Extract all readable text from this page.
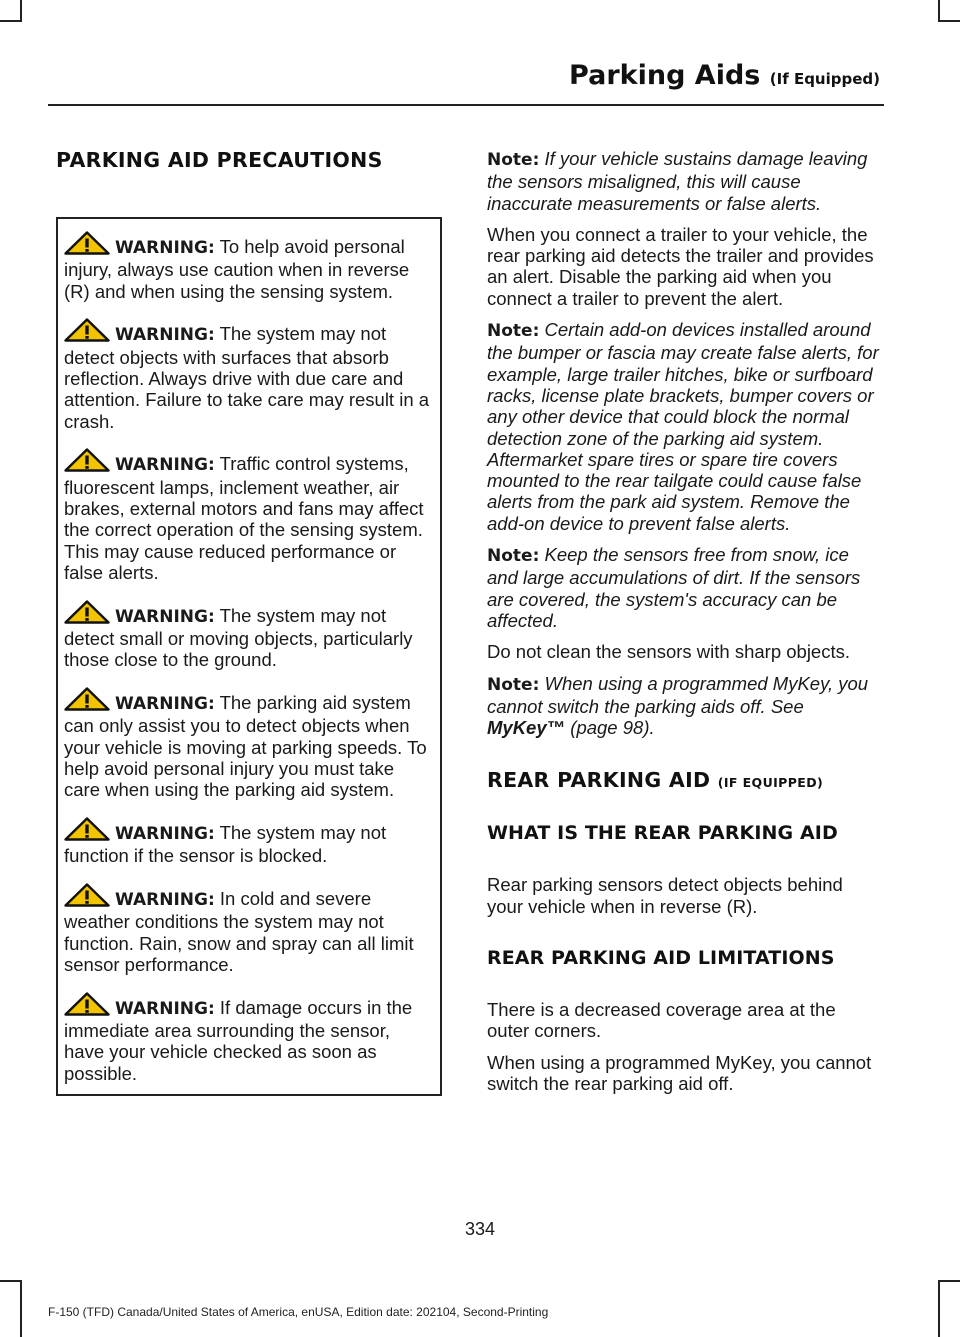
Parking Aids (If Equipped)
PARKING AID PRECAUTIONS
WARNING: To help avoid personal injury, always use caution when in reverse (R) and when using the sensing system.
WARNING: The system may not detect objects with surfaces that absorb reflection. Always drive with due care and attention. Failure to take care may result in a crash.
WARNING: Traffic control systems, fluorescent lamps, inclement weather, air brakes, external motors and fans may affect the correct operation of the sensing system. This may cause reduced performance or false alerts.
WARNING: The system may not detect small or moving objects, particularly those close to the ground.
WARNING: The parking aid system can only assist you to detect objects when your vehicle is moving at parking speeds. To help avoid personal injury you must take care when using the parking aid system.
WARNING: The system may not function if the sensor is blocked.
WARNING: In cold and severe weather conditions the system may not function. Rain, snow and spray can all limit sensor performance.
WARNING: If damage occurs in the immediate area surrounding the sensor, have your vehicle checked as soon as possible.

Note: If your vehicle sustains damage leaving the sensors misaligned, this will cause inaccurate measurements or false alerts.

When you connect a trailer to your vehicle, the rear parking aid detects the trailer and provides an alert. Disable the parking aid when you connect a trailer to prevent the alert.

Note: Certain add-on devices installed around the bumper or fascia may create false alerts, for example, large trailer hitches, bike or surfboard racks, license plate brackets, bumper covers or any other device that could block the normal detection zone of the parking aid system. Aftermarket spare tires or spare tire covers mounted to the rear tailgate could cause false alerts from the park aid system. Remove the add-on device to prevent false alerts.

Note: Keep the sensors free from snow, ice and large accumulations of dirt. If the sensors are covered, the system's accuracy can be affected.

Do not clean the sensors with sharp objects.

Note: When using a programmed MyKey, you cannot switch the parking aids off. See MyKey™ (page 98).

REAR PARKING AID (IF EQUIPPED)
WHAT IS THE REAR PARKING AID

Rear parking sensors detect objects behind your vehicle when in reverse (R).

REAR PARKING AID LIMITATIONS

There is a decreased coverage area at the outer corners.

When using a programmed MyKey, you cannot switch the rear parking aid off.

334
F-150 (TFD) Canada/United States of America, enUSA, Edition date: 202104, Second-Printing
